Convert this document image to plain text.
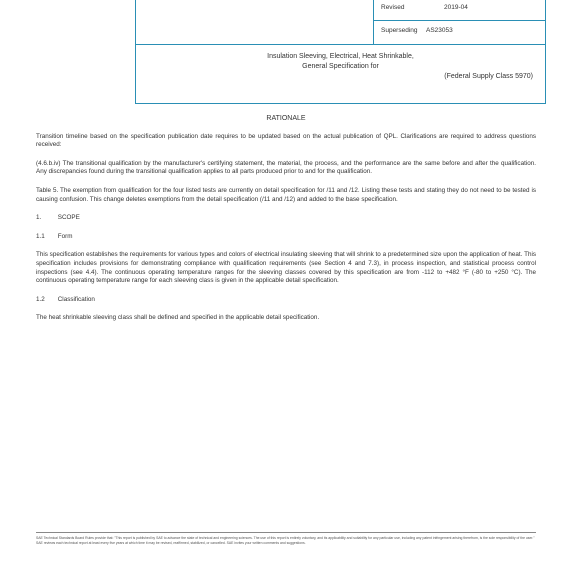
Revised	2019-04
Superseding AS23053
Insulation Sleeving, Electrical, Heat Shrinkable,
General Specification for
(Federal Supply Class 5970)
RATIONALE

Transition timeline based on the specification publication date requires to be updated based on the actual publication of QPL. Clarifications are required to address questions received:

(4.6.b.iv) The transitional qualification by the manufacturer's certifying statement, the material, the process, and the performance are the same before and after the qualification. Any discrepancies found during the transitional qualification applies to all parts produced prior to and for the qualification.

Table 5. The exemption from qualification for the four listed tests are currently on detail specification for /11 and /12. Listing these tests and stating they do not need to be tested is causing confusion. This change deletes exemptions from the detail specification (/11 and /12) and added to the base specification.

1.	SCOPE
1.1 Form

This specification establishes the requirements for various types and colors of electrical insulating sleeving that will shrink to a predetermined size upon the application of heat. This specification includes provisions for demonstrating compliance with qualification requirements (see Section 4 and 7.3), in process inspection, and statistical process control inspections (see 4.4). The continuous operating temperature ranges for the sleeving classes covered by this specification are from -112 to +482 °F (-80 to +250 °C). The continuous operating temperature range for each sleeving class is given in the applicable detail specification.

1.2 Classification

The heat shrinkable sleeving class shall be defined and specified in the applicable detail specification.

SAE Technical Standards Board Rules provide that: "This report is published by SAE to advance the state of technical and engineering sciences. The use of this report is entirely voluntary, and its applicability and suitability for any particular use, including any patent infringement arising therefrom, is the sole responsibility of the user."
SAE reviews each technical report at least every five years at which time it may be revised, reaffirmed, stabilized, or cancelled. SAE invites your written comments and suggestions.
